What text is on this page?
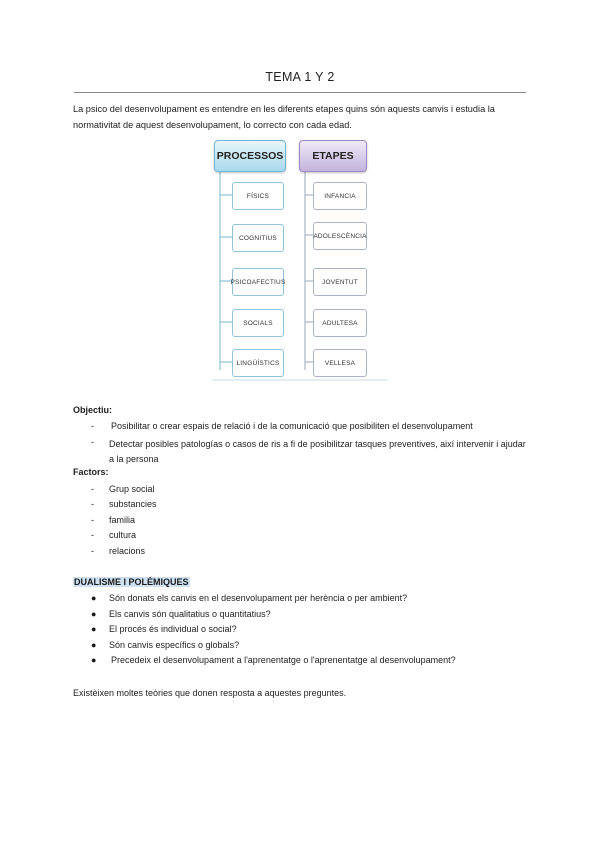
TEMA 1 Y 2
La psico del desenvolupament es entendre en les diferents etapes quins són aquests canvis i estudia la normativitat de aquest desenvolupament, lo correcto con cada edad.
PROCESSOS	ETAPES
FÍSICS
COGNITIUS
PSICOAFECTIUS
SOCIALS
LINGÜÍSTICS
INFANCIA
ADOLESCÈNCIA
JOVENTUT
ADULTESA
VELLESA
Objectiu:
- Posibilitar o crear espais de relació i de la comunicació que posibiliten el desenvolupament
- Detectar posibles patologías o casos de ris a fi de posibilitzar tasques preventives, així intervenir i ajudar a la persona
Factors:
- Grup social
- substancies
- familia
- cultura
- relacions
DUALISME I POLÉMIQUES
● Són donats els canvis en el desenvolupament per herència o per ambient?
● Els canvis són qualitatius o quantitatius?
● El procés és individual o social?
● Són canvis específics o globals?
● Precedeix el desenvolupament a l'aprenentatge o l'aprenentatge al desenvolupament?
Existèixen moltes teòries que donen resposta a aquestes preguntes.
